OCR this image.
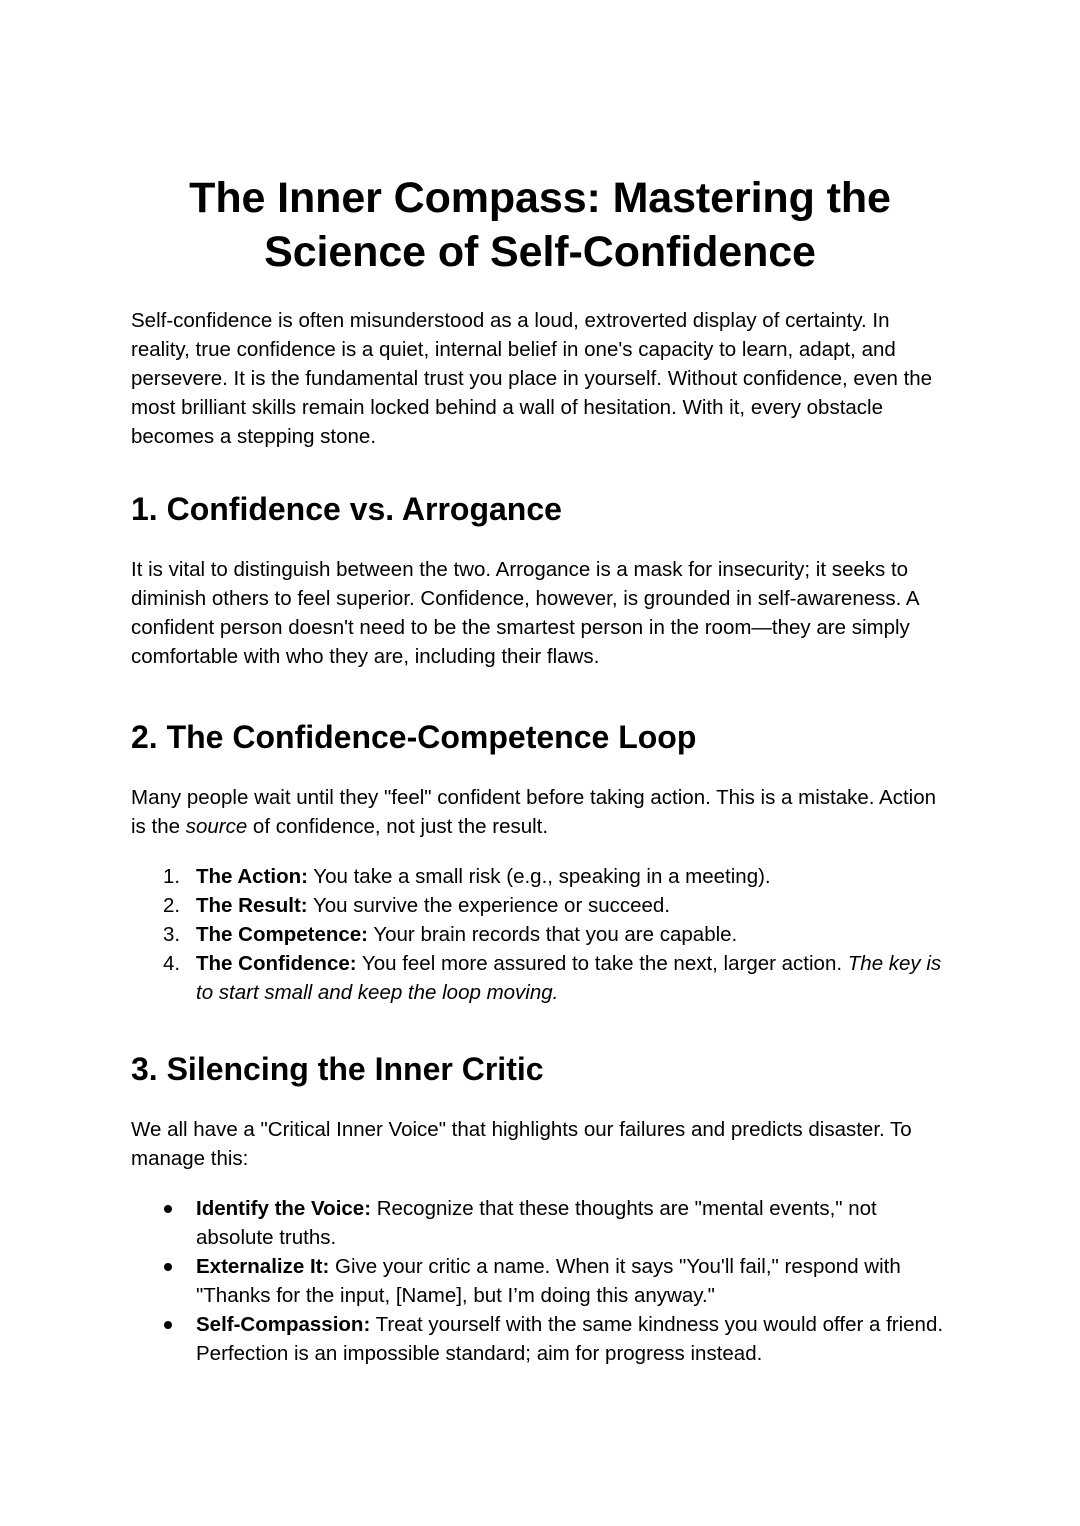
The Inner Compass: Mastering the Science of Self-Confidence

Self-confidence is often misunderstood as a loud, extroverted display of certainty. In reality, true confidence is a quiet, internal belief in one's capacity to learn, adapt, and persevere. It is the fundamental trust you place in yourself. Without confidence, even the most brilliant skills remain locked behind a wall of hesitation. With it, every obstacle becomes a stepping stone.

1. Confidence vs. Arrogance

It is vital to distinguish between the two. Arrogance is a mask for insecurity; it seeks to diminish others to feel superior. Confidence, however, is grounded in self-awareness. A confident person doesn't need to be the smartest person in the room—they are simply comfortable with who they are, including their flaws.

2. The Confidence-Competence Loop

Many people wait until they "feel" confident before taking action. This is a mistake. Action is the source of confidence, not just the result.

1. The Action: You take a small risk (e.g., speaking in a meeting).
2. The Result: You survive the experience or succeed.
3. The Competence: Your brain records that you are capable.
4. The Confidence: You feel more assured to take the next, larger action. The key is to start small and keep the loop moving.
3. Silencing the Inner Critic

We all have a "Critical Inner Voice" that highlights our failures and predicts disaster. To manage this:

Identify the Voice: Recognize that these thoughts are "mental events," not absolute truths.
Externalize It: Give your critic a name. When it says "You'll fail," respond with "Thanks for the input, [Name], but I’m doing this anyway."
Self-Compassion: Treat yourself with the same kindness you would offer a friend. Perfection is an impossible standard; aim for progress instead.
